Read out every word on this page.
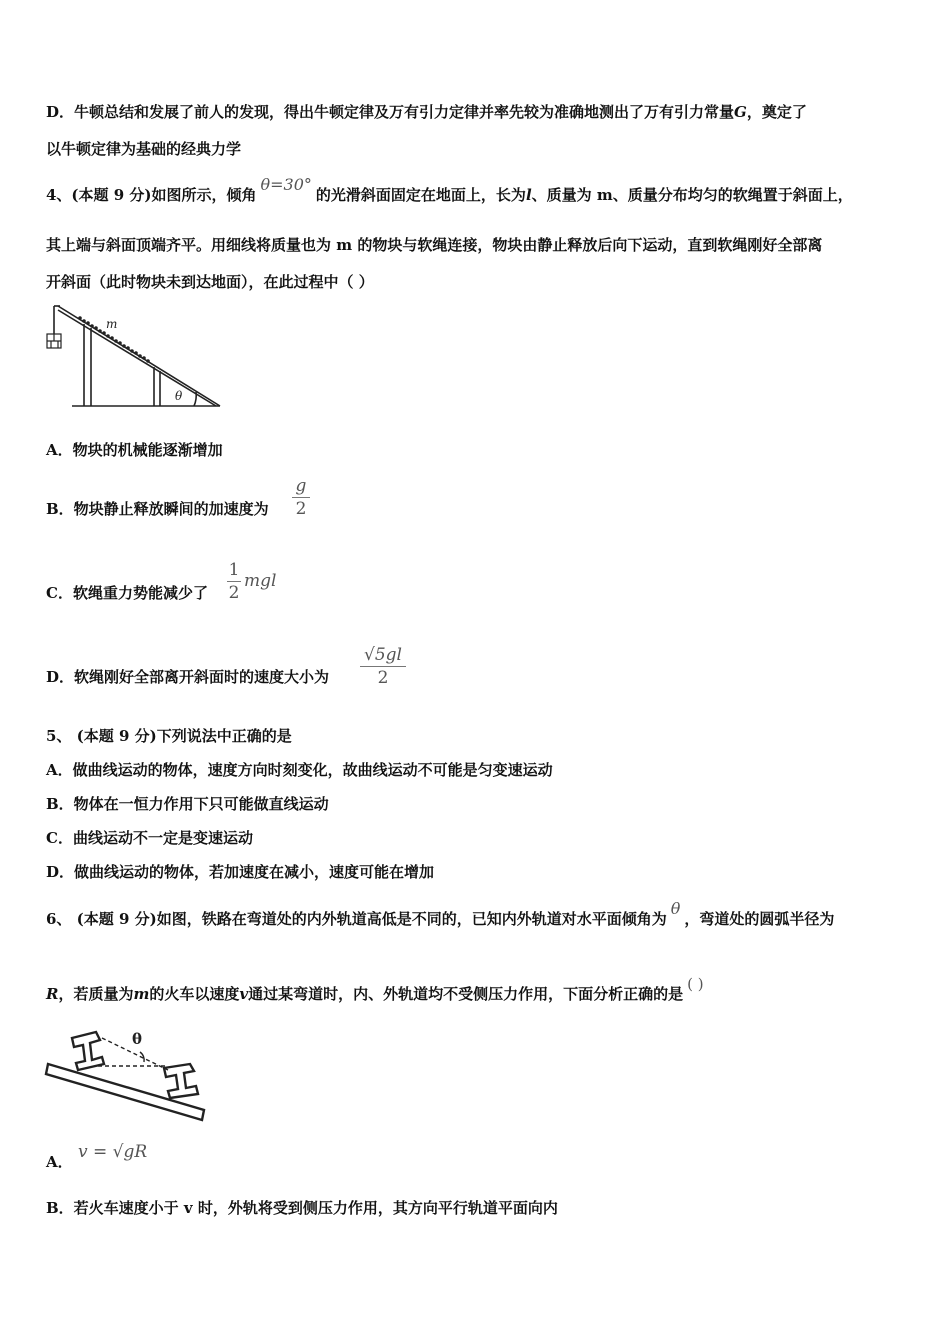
D．牛顿总结和发展了前人的发现，得出牛顿定律及万有引力定律并率先较为准确地测出了万有引力常量G，奠定了
以牛顿定律为基础的经典力学
4、(本题 9 分)如图所示，倾角θ=30°的光滑斜面固定在地面上，长为l、质量为 m、质量分布均匀的软绳置于斜面上，
其上端与斜面顶端齐平。用细线将质量也为 m 的物块与软绳连接，物块由静止释放后向下运动，直到软绳刚好全部离
开斜面（此时物块未到达地面），在此过程中（ ）
m
θ
A．物块的机械能逐渐增加
B．物块静止释放瞬间的加速度为
g
2
C．软绳重力势能减少了
1
2
mgl
D．软绳刚好全部离开斜面时的速度大小为
√5gl
2
5、 (本题 9 分)下列说法中正确的是
A．做曲线运动的物体，速度方向时刻变化，故曲线运动不可能是匀变速运动
B．物体在一恒力作用下只可能做直线运动
C．曲线运动不一定是变速运动
D．做曲线运动的物体，若加速度在减小，速度可能在增加
6、 (本题 9 分)如图，铁路在弯道处的内外轨道高低是不同的，已知内外轨道对水平面倾角为θ，弯道处的圆弧半径为
R，若质量为m的火车以速度v通过某弯道时，内、外轨道均不受侧压力作用，下面分析正确的是( )
θ
A． v = √gR
B．若火车速度小于 v 时，外轨将受到侧压力作用，其方向平行轨道平面向内
